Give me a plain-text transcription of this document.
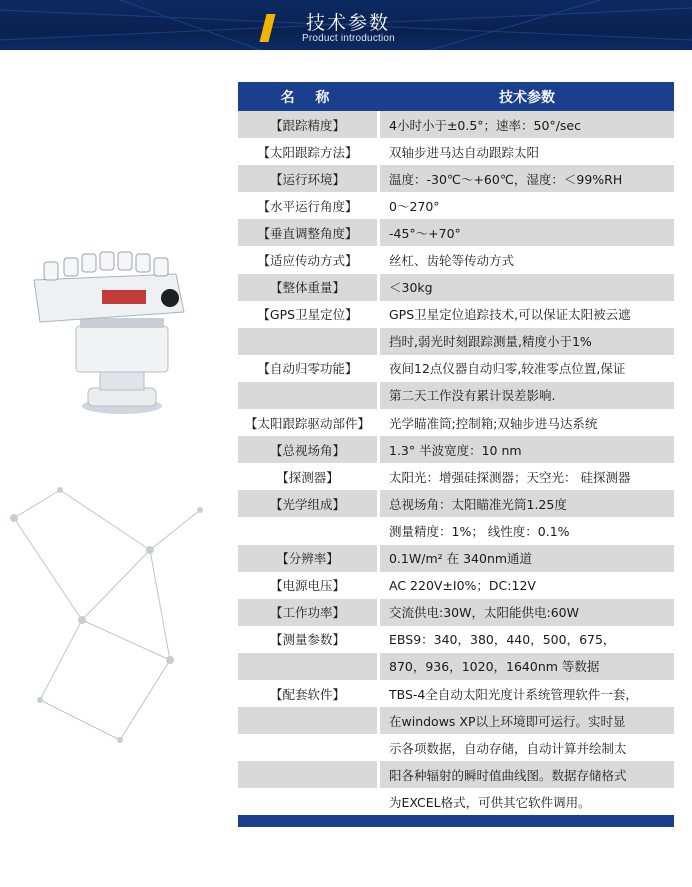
技术参数
Product introduction
名 称	技术参数
【跟踪精度】	4小时小于±0.5°；速率：50°/sec
【太阳跟踪方法】	双轴步进马达自动跟踪太阳
【运行环境】	温度：-30℃～+60℃，湿度：＜99%RH
【水平运行角度】	0～270°
【垂直调整角度】	-45°～+70°
【适应传动方式】	丝杠、齿轮等传动方式
【整体重量】	＜30kg
【GPS卫星定位】	GPS卫星定位追踪技术,可以保证太阳被云遮
挡时,弱光时刻跟踪测量,精度小于1%
【自动归零功能】	夜间12点仪器自动归零,较准零点位置,保证
第二天工作没有累计误差影响.
【太阳跟踪驱动部件】	光学瞄准筒;控制箱;双轴步进马达系统
【总视场角】	1.3° 半波宽度：10 nm
【探测器】	太阳光：增强硅探测器；天空光： 硅探测器
【光学组成】	总视场角：太阳瞄准光筒1.25度
测量精度：1%； 线性度：0.1%
【分辨率】	0.1W/m² 在 340nm通道
【电源电压】	AC 220V±I0%；DC:12V
【工作功率】	交流供电:30W，太阳能供电:60W
【测量参数】	EBS9：340，380，440，500，675，
870，936，1020，1640nm 等数据
【配套软件】	TBS-4全自动太阳光度计系统管理软件一套，
在windows XP以上环境即可运行。实时显
示各项数据，自动存储，自动计算并绘制太
阳各种辐射的瞬时值曲线图。数据存储格式
为EXCEL格式，可供其它软件调用。
